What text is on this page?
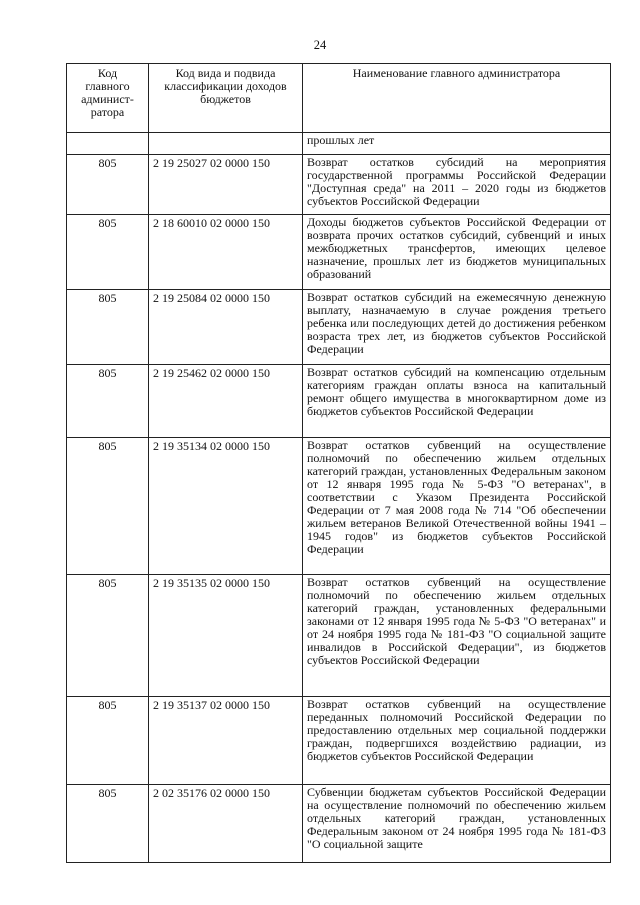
24
Код
главного
админист-
ратора	Код вида и подвида
классификации доходов
бюджетов	Наименование главного администратора

		прошлых лет
805	2 19 25027 02 0000 150	Возврат остатков субсидий на мероприятия государственной программы Российской Федерации "Доступная среда" на 2011 – 2020 годы из бюджетов субъектов Российской Федерации
805	2 18 60010 02 0000 150	Доходы бюджетов субъектов Российской Федерации от возврата прочих остатков субсидий, субвенций и иных межбюджетных трансфертов, имеющих целевое назначение, прошлых лет из бюджетов муниципальных образований
805	2 19 25084 02 0000 150	Возврат остатков субсидий на ежемесячную денежную выплату, назначаемую в случае рождения третьего ребенка или последующих детей до достижения ребенком возраста трех лет, из бюджетов субъектов Российской Федерации
805	2 19 25462 02 0000 150	Возврат остатков субсидий на компенсацию отдельным категориям граждан оплаты взноса на капитальный ремонт общего имущества в многоквартирном доме из бюджетов субъектов Российской Федерации
805	2 19 35134 02 0000 150	Возврат остатков субвенций на осуществление полномочий по обеспечению жильем отдельных категорий граждан, установленных Федеральным законом от 12 января 1995 года № 5-ФЗ "О ветеранах", в соответствии с Указом Президента Российской Федерации от 7 мая 2008 года № 714 "Об обеспечении жильем ветеранов Великой Отечественной войны 1941 – 1945 годов" из бюджетов субъектов Российской Федерации
805	2 19 35135 02 0000 150	Возврат остатков субвенций на осуществление полномочий по обеспечению жильем отдельных категорий граждан, установленных федеральными законами от 12 января 1995 года № 5-ФЗ "О ветеранах" и от 24 ноября 1995 года № 181-ФЗ "О социальной защите инвалидов в Российской Федерации", из бюджетов субъектов Российской Федерации
805	2 19 35137 02 0000 150	Возврат остатков субвенций на осуществление переданных полномочий Российской Федерации по предоставлению отдельных мер социальной поддержки граждан, подвергшихся воздействию радиации, из бюджетов субъектов Российской Федерации
805	2 02 35176 02 0000 150	Субвенции бюджетам субъектов Российской Федерации на осуществление полномочий по обеспечению жильем отдельных категорий граждан, установленных Федеральным законом от 24 ноября 1995 года № 181-ФЗ "О социальной защите
